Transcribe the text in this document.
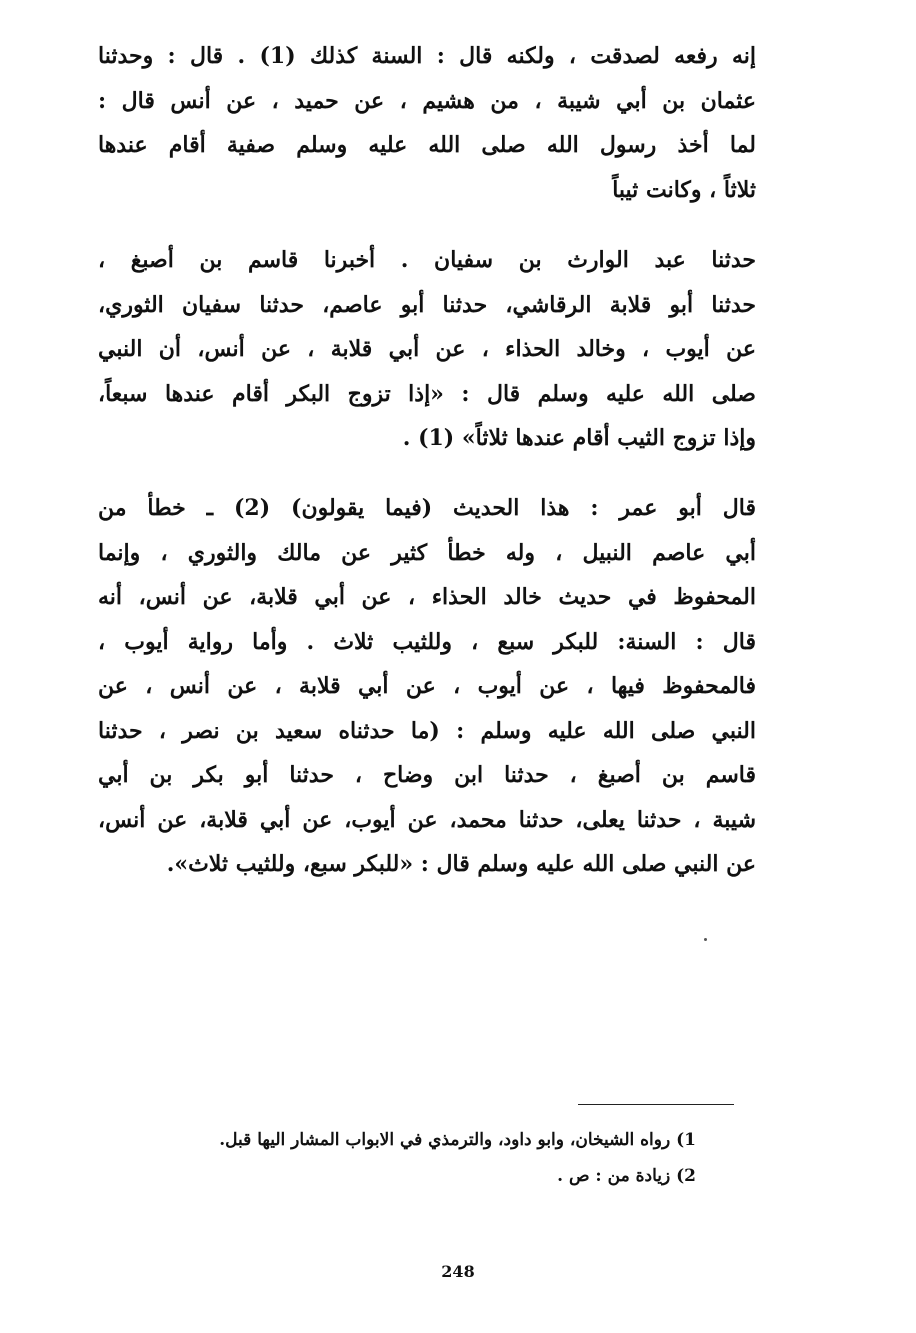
إنه رفعه لصدقت ، ولكنه قال : السنة كذلك (1) . قال : وحدثنا
عثمان بن أبي شيبة ، من هشيم ، عن حميد ، عن أنس قال :
لما أخذ رسول الله صلى الله عليه وسلم صفية أقام عندها
ثلاثاً ، وكانت ثيباً
حدثنا عبد الوارث بن سفيان . أخبرنا قاسم بن أصبغ ،
حدثنا أبو قلابة الرقاشي، حدثنا أبو عاصم، حدثنا سفيان الثوري،
عن أيوب ، وخالد الحذاء ، عن أبي قلابة ، عن أنس، أن النبي
صلى الله عليه وسلم قال : «إذا تزوج البكر أقام عندها سبعاً،
وإذا تزوج الثيب أقام عندها ثلاثاً» (1) .
قال أبو عمر : هذا الحديث (فيما يقولون) (2) ـ خطأ من
أبي عاصم النبيل ، وله خطأ كثير عن مالك والثوري ، وإنما
المحفوظ في حديث خالد الحذاء ، عن أبي قلابة، عن أنس، أنه
قال : السنة: للبكر سبع ، وللثيب ثلاث . وأما رواية أيوب ،
فالمحفوظ فيها ، عن أيوب ، عن أبي قلابة ، عن أنس ، عن
النبي صلى الله عليه وسلم : (ما حدثناه سعيد بن نصر ، حدثنا
قاسم بن أصبغ ، حدثنا ابن وضاح ، حدثنا أبو بكر بن أبي
شيبة ، حدثنا يعلى، حدثنا محمد، عن أيوب، عن أبي قلابة، عن أنس،
عن النبي صلى الله عليه وسلم قال : «للبكر سبع، وللثيب ثلاث».
1) رواه الشيخان، وابو داود، والترمذي في الابواب المشار اليها قبل.
2) زيادة من : ص .
248
